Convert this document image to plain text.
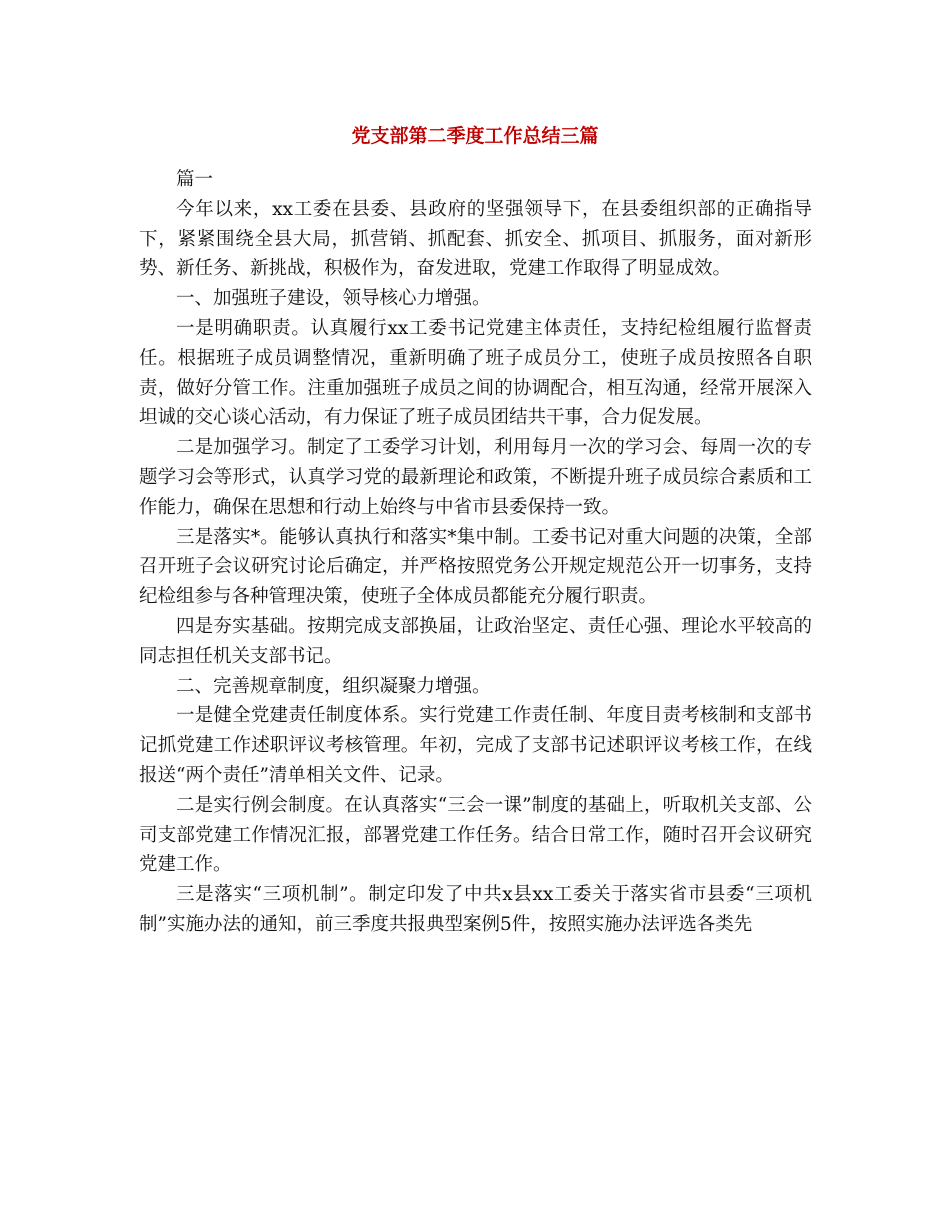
党支部第二季度工作总结三篇

篇一

今年以来，xx工委在县委、县政府的坚强领导下，在县委组织部的正确指导下，紧紧围绕全县大局，抓营销、抓配套、抓安全、抓项目、抓服务，面对新形势、新任务、新挑战，积极作为，奋发进取，党建工作取得了明显成效。

一、加强班子建设，领导核心力增强。

一是明确职责。认真履行xx工委书记党建主体责任，支持纪检组履行监督责任。根据班子成员调整情况，重新明确了班子成员分工，使班子成员按照各自职责，做好分管工作。注重加强班子成员之间的协调配合，相互沟通，经常开展深入坦诚的交心谈心活动，有力保证了班子成员团结共干事，合力促发展。

二是加强学习。制定了工委学习计划，利用每月一次的学习会、每周一次的专题学习会等形式，认真学习党的最新理论和政策，不断提升班子成员综合素质和工作能力，确保在思想和行动上始终与中省市县委保持一致。

三是落实*。能够认真执行和落实*集中制。工委书记对重大问题的决策，全部召开班子会议研究讨论后确定，并严格按照党务公开规定规范公开一切事务，支持纪检组参与各种管理决策，使班子全体成员都能充分履行职责。

四是夯实基础。按期完成支部换届，让政治坚定、责任心强、理论水平较高的同志担任机关支部书记。

二、完善规章制度，组织凝聚力增强。

一是健全党建责任制度体系。实行党建工作责任制、年度目责考核制和支部书记抓党建工作述职评议考核管理。年初，完成了支部书记述职评议考核工作，在线报送“两个责任”清单相关文件、记录。

二是实行例会制度。在认真落实“三会一课”制度的基础上，听取机关支部、公司支部党建工作情况汇报，部署党建工作任务。结合日常工作，随时召开会议研究党建工作。

三是落实“三项机制”。制定印发了中共x县xx工委关于落实省市县委“三项机制”实施办法的通知，前三季度共报典型案例5件，按照实施办法评选各类先
